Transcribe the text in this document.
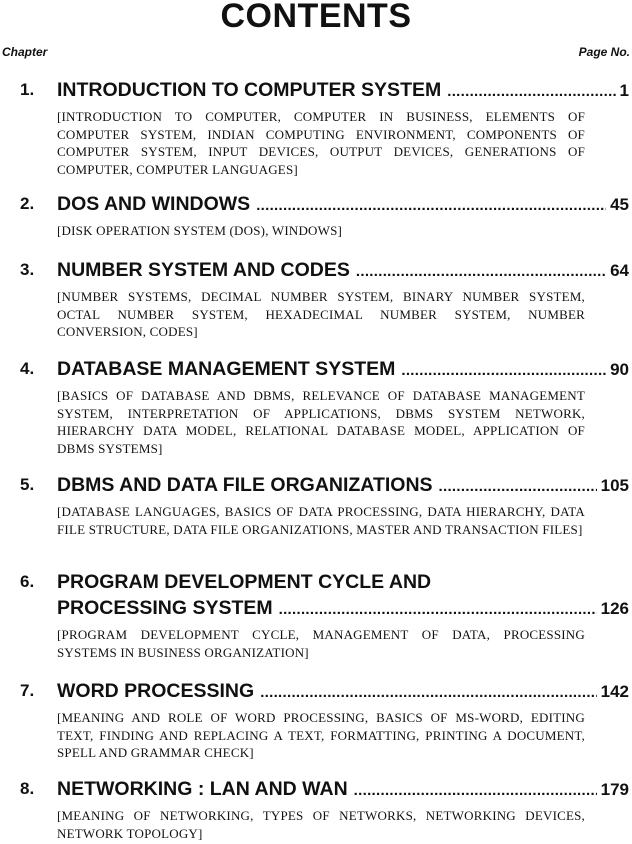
CONTENTS
Chapter	Page No.
1. INTRODUCTION TO COMPUTER SYSTEM .....	1
[INTRODUCTION TO COMPUTER, COMPUTER IN BUSINESS, ELEMENTS OF COMPUTER SYSTEM, INDIAN COMPUTING ENVIRONMENT, COMPONENTS OF COMPUTER SYSTEM, INPUT DEVICES, OUTPUT DEVICES, GENERATIONS OF COMPUTER, COMPUTER LANGUAGES]
2. DOS AND WINDOWS .....	45
[DISK OPERATION SYSTEM (DOS), WINDOWS]
3. NUMBER SYSTEM AND CODES .....	64
[NUMBER SYSTEMS, DECIMAL NUMBER SYSTEM, BINARY NUMBER SYSTEM, OCTAL NUMBER SYSTEM, HEXADECIMAL NUMBER SYSTEM, NUMBER CONVERSION, CODES]
4. DATABASE MANAGEMENT SYSTEM .....	90
[BASICS OF DATABASE AND DBMS, RELEVANCE OF DATABASE MANAGEMENT SYSTEM, INTERPRETATION OF APPLICATIONS, DBMS SYSTEM NETWORK, HIERARCHY DATA MODEL, RELATIONAL DATABASE MODEL, APPLICATION OF DBMS SYSTEMS]
5. DBMS AND DATA FILE ORGANIZATIONS .....	105
[DATABASE LANGUAGES, BASICS OF DATA PROCESSING, DATA HIERARCHY, DATA FILE STRUCTURE, DATA FILE ORGANIZATIONS, MASTER AND TRANSACTION FILES]
6. PROGRAM DEVELOPMENT CYCLE AND
PROCESSING SYSTEM .....	126
[PROGRAM DEVELOPMENT CYCLE, MANAGEMENT OF DATA, PROCESSING SYSTEMS IN BUSINESS ORGANIZATION]
7. WORD PROCESSING .....	142
[MEANING AND ROLE OF WORD PROCESSING, BASICS OF MS-WORD, EDITING TEXT, FINDING AND REPLACING A TEXT, FORMATTING, PRINTING A DOCUMENT, SPELL AND GRAMMAR CHECK]
8. NETWORKING : LAN AND WAN .....	179
[MEANING OF NETWORKING, TYPES OF NETWORKS, NETWORKING DEVICES, NETWORK TOPOLOGY]
